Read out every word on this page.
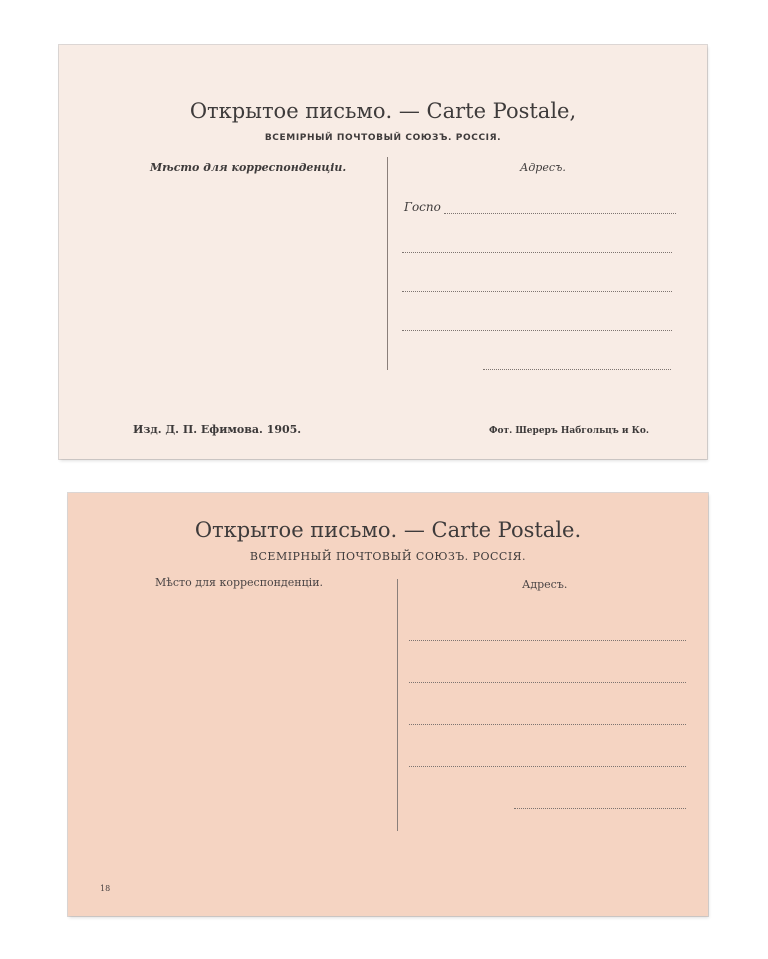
Открытое письмо. — Carte Postale,
ВСЕМІРНЫЙ ПОЧТОВЫЙ СОЮЗЪ. РОССІЯ.
Мѣсто для корреспонденціи.	Адресъ.
Госпо
Изд. Д. П. Ефимова. 1905.	Фот. Шереръ Набгольцъ и Ко.
Открытое письмо. — Carte Postale.
ВСЕМІРНЫЙ ПОЧТОВЫЙ СОЮЗЪ. РОССІЯ.
Мѣсто для корреспонденціи.	Адресъ.
18
